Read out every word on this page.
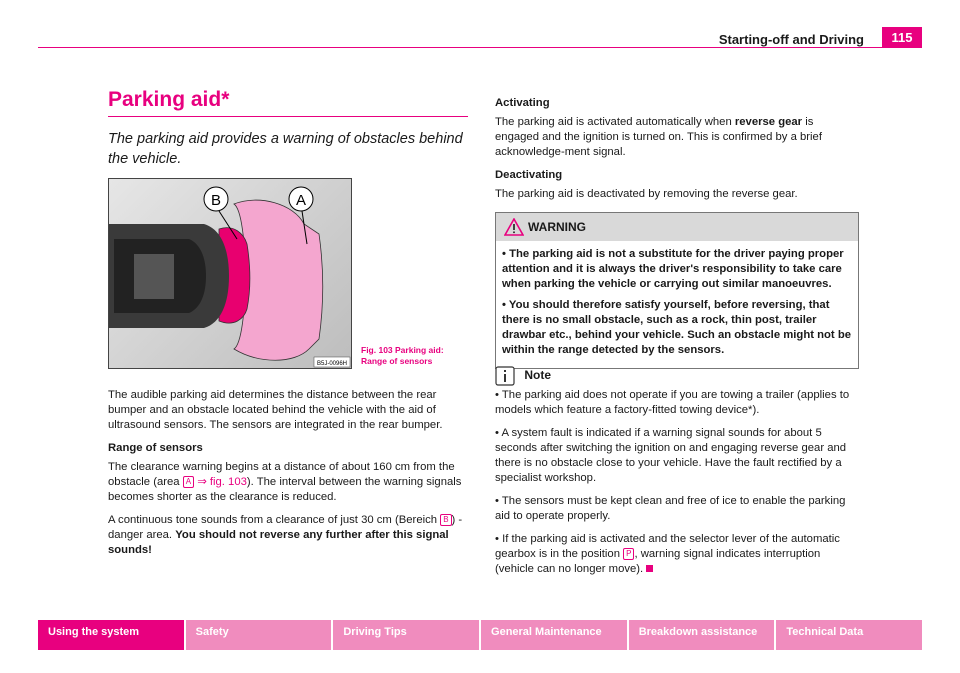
Starting-off and Driving	115
Parking aid*

The parking aid provides a warning of obstacles behind the vehicle.

B	A
B5J-0096H
Fig. 103 Parking aid:
Range of sensors

The audible parking aid determines the distance between the rear bumper and an obstacle located behind the vehicle with the aid of ultrasound sensors. The sensors are integrated in the rear bumper.

Range of sensors

The clearance warning begins at a distance of about 160 cm from the obstacle (area A ⇒ fig. 103). The interval between the warning signals becomes shorter as the clearance is reduced.

A continuous tone sounds from a clearance of just 30 cm (Bereich B ) - danger area. You should not reverse any further after this signal sounds!

Activating

The parking aid is activated automatically when reverse gear is engaged and the ignition is turned on. This is confirmed by a brief acknowledge-ment signal.

Deactivating

The parking aid is deactivated by removing the reverse gear.

WARNING

• The parking aid is not a substitute for the driver paying proper attention and it is always the driver's responsibility to take care when parking the vehicle or carrying out similar manoeuvres.

• You should therefore satisfy yourself, before reversing, that there is no small obstacle, such as a rock, thin post, trailer drawbar etc., behind your vehicle. Such an obstacle might not be within the range detected by the sensors.

Note

• The parking aid does not operate if you are towing a trailer (applies to models which feature a factory-fitted towing device*).

• A system fault is indicated if a warning signal sounds for about 5 seconds after switching the ignition on and engaging reverse gear and there is no obstacle close to your vehicle. Have the fault rectified by a specialist workshop.

• The sensors must be kept clean and free of ice to enable the parking aid to operate properly.

• If the parking aid is activated and the selector lever of the automatic gearbox is in the position P , warning signal indicates interruption (vehicle can no longer move).

Using the system	Safety	Driving Tips	General Maintenance	Breakdown assistance	Technical Data
